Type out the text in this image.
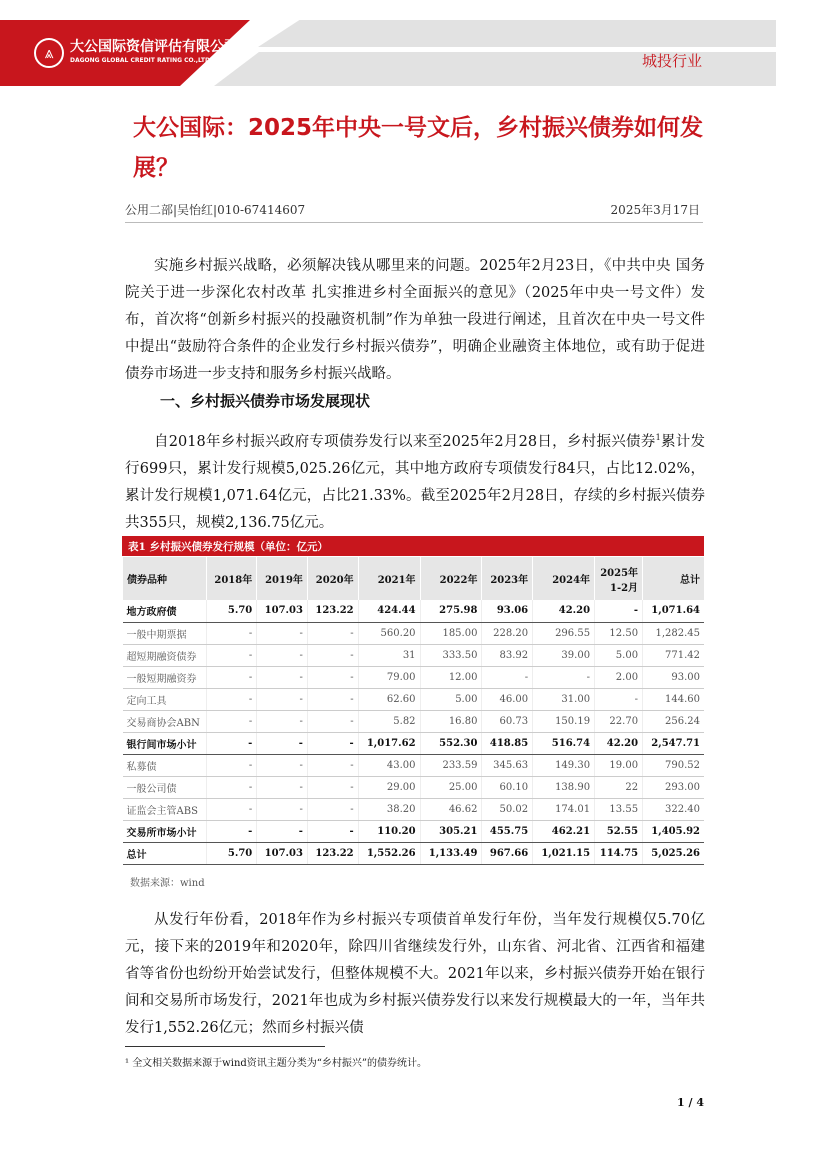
⩓	大公国际资信评估有限公司
DAGONG GLOBAL CREDIT RATING CO.,LTD	城投行业
大公国际：2025年中央一号文后，乡村振兴债券如何发展？
公用二部|吴怡红|010-67414607	2025年3月17日
实施乡村振兴战略，必须解决钱从哪里来的问题。2025年2月23日，《中共中央 国务院关于进一步深化农村改革 扎实推进乡村全面振兴的意见》（2025年中央一号文件）发布，首次将“创新乡村振兴的投融资机制”作为单独一段进行阐述，且首次在中央一号文件中提出“鼓励符合条件的企业发行乡村振兴债券”，明确企业融资主体地位，或有助于促进债券市场进一步支持和服务乡村振兴战略。
一、乡村振兴债券市场发展现状
自2018年乡村振兴政府专项债券发行以来至2025年2月28日，乡村振兴债券$^1$累计发行699只，累计发行规模5,025.26亿元，其中地方政府专项债发行84只，占比12.02%，累计发行规模1,071.64亿元，占比21.33%。截至2025年2月28日，存续的乡村振兴债券共355只，规模2,136.75亿元。
表1 乡村振兴债券发行规模（单位：亿元）
债券品种	2018年	2019年	2020年	2021年	2022年	2023年	2024年	2025年 1-2月	总计
地方政府债	5.70	107.03	123.22	424.44	275.98	93.06	42.20	-	1,071.64
一般中期票据	-	-	-	560.20	185.00	228.20	296.55	12.50	1,282.45
超短期融资债券	-	-	-	31	333.50	83.92	39.00	5.00	771.42
一般短期融资券	-	-	-	79.00	12.00	-	-	2.00	93.00
定向工具	-	-	-	62.60	5.00	46.00	31.00	-	144.60
交易商协会ABN	-	-	-	5.82	16.80	60.73	150.19	22.70	256.24
银行间市场小计	-	-	-	1,017.62	552.30	418.85	516.74	42.20	2,547.71
私募债	-	-	-	43.00	233.59	345.63	149.30	19.00	790.52
一般公司债	-	-	-	29.00	25.00	60.10	138.90	22	293.00
证监会主管ABS	-	-	-	38.20	46.62	50.02	174.01	13.55	322.40
交易所市场小计	-	-	-	110.20	305.21	455.75	462.21	52.55	1,405.92
总计	5.70	107.03	123.22	1,552.26	1,133.49	967.66	1,021.15	114.75	5,025.26
数据来源：wind
从发行年份看，2018年作为乡村振兴专项债首单发行年份，当年发行规模仅5.70亿元，接下来的2019年和2020年，除四川省继续发行外，山东省、河北省、江西省和福建省等省份也纷纷开始尝试发行，但整体规模不大。2021年以来，乡村振兴债券开始在银行间和交易所市场发行，2021年也成为乡村振兴债券发行以来发行规模最大的一年，当年共发行1,552.26亿元；然而乡村振兴债
¹ 全文相关数据来源于wind资讯主题分类为“乡村振兴”的债券统计。
1 / 4
